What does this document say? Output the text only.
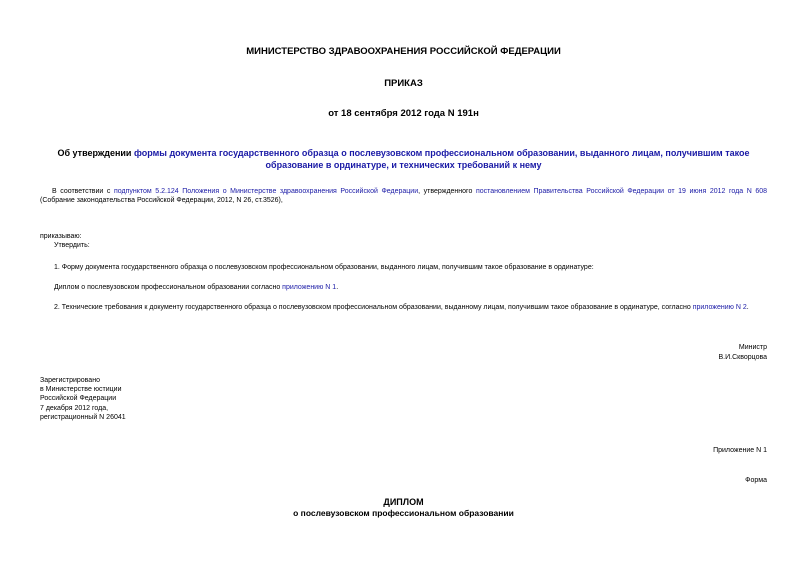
МИНИСТЕРСТВО ЗДРАВООХРАНЕНИЯ РОССИЙСКОЙ ФЕДЕРАЦИИ
ПРИКАЗ
от 18 сентября 2012 года N 191н
Об утверждении формы документа государственного образца о послевузовском профессиональном образовании, выданного лицам, получившим такое образование в ординатуре, и технических требований к нему
В соответствии с подпунктом 5.2.124 Положения о Министерстве здравоохранения Российской Федерации, утвержденного постановлением Правительства Российской Федерации от 19 июня 2012 года N 608 (Собрание законодательства Российской Федерации, 2012, N 26, ст.3526),
приказываю:
Утвердить:
1. Форму документа государственного образца о послевузовском профессиональном образовании, выданного лицам, получившим такое образование в ординатуре:
Диплом о послевузовском профессиональном образовании согласно приложению N 1.
2. Технические требования к документу государственного образца о послевузовском профессиональном образовании, выданному лицам, получившим такое образование в ординатуре, согласно приложению N 2.
Министр
В.И.Скворцова
Зарегистрировано
в Министерстве юстиции
Российской Федерации
7 декабря 2012 года,
регистрационный N 26041
Приложение N 1
Форма
ДИПЛОМ
о послевузовском профессиональном образовании
